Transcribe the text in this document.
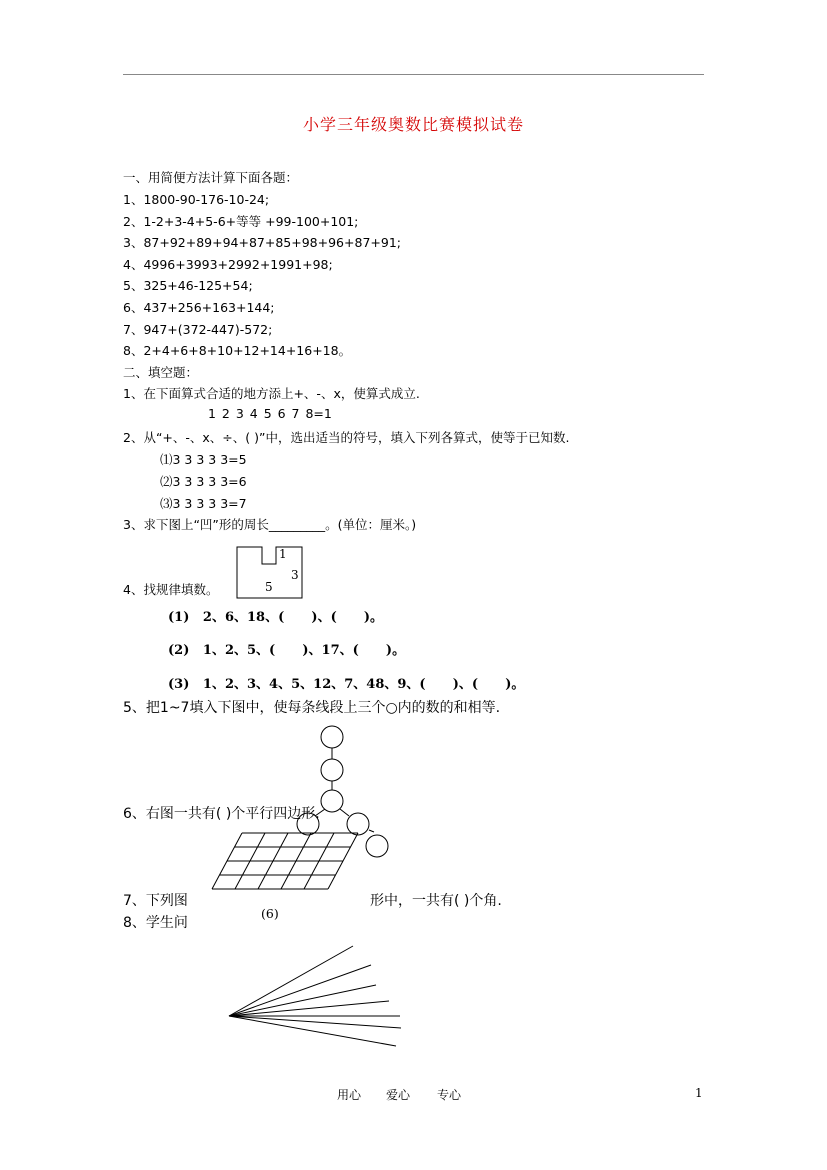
小学三年级奥数比赛模拟试卷
一、用简便方法计算下面各题：
1、1800-90-176-10-24;
2、1-2+3-4+5-6+等等 +99-100+101;
3、87+92+89+94+87+85+98+96+87+91;
4、4996+3993+2992+1991+98;
5、325+46-125+54;
6、437+256+163+144;
7、947+(372-447)-572;
8、2+4+6+8+10+12+14+16+18。
二、填空题：
1、在下面算式合适的地方添上+、-、x，使算式成立.
1 2 3 4 5 6 7 8=1
2、从“+、-、x、÷、( )”中，选出适当的符号，填入下列各算式，使等于已知数.
⑴3 3 3 3 3=5
⑵3 3 3 3 3=6
⑶3 3 3 3 3=7
3、求下图上“凹”形的周长_________。(单位：厘米。)
1
3
5
4、找规律填数。
(1)   2、6、18、(      )、(      )。
(2)   1、2、5、(      )、17、(      )。
(3)   1、2、3、4、5、12、7、48、9、(      )、(      )。
5、把1~7填入下图中，使每条线段上三个○内的数的和相等.
6、右图一共有( )个平行四边形.
7、下列图	形中，一共有( )个角.
(6)
8、学生问
用心 爱心 专心	1
